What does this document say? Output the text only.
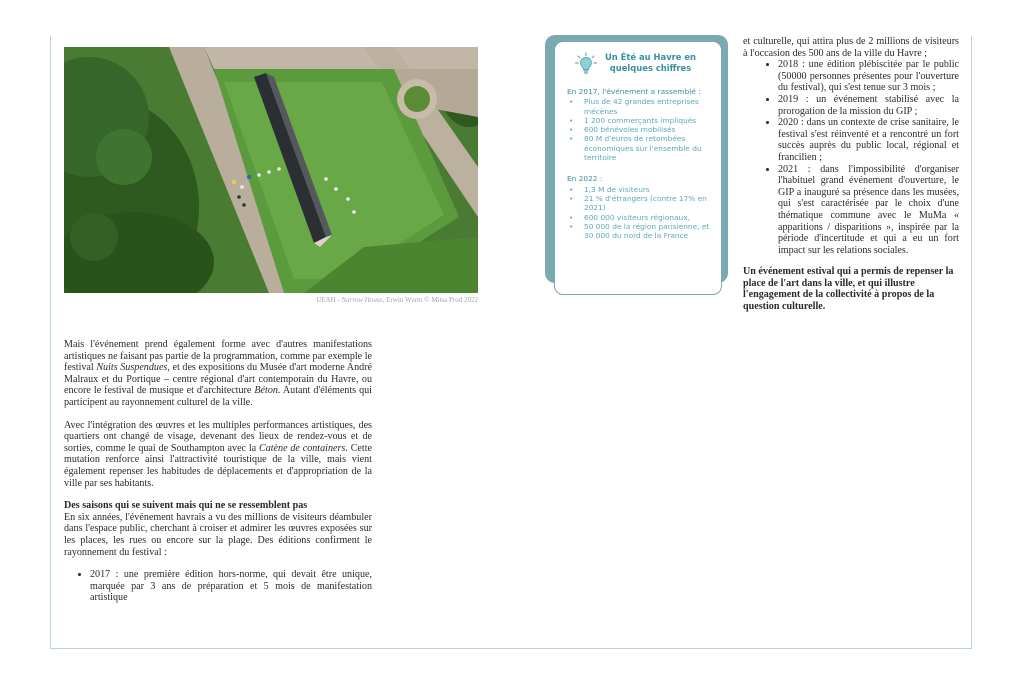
UEAH - Narrow House, Erwin Wurm © Mitsa Prod 2022

Mais l'événement prend également forme avec d'autres manifestations artistiques ne faisant pas partie de la programmation, comme par exemple le festival Nuits Suspendues, et des expositions du Musée d'art moderne André Malraux et du Portique – centre régional d'art contemporain du Havre, ou encore le festival de musique et d'architecture Béton. Autant d'éléments qui participent au rayonnement culturel de la ville.

Avec l'intégration des œuvres et les multiples performances artistiques, des quartiers ont changé de visage, devenant des lieux de rendez-vous et de sorties, comme le quai de Southampton avec la Catène de containers. Cette mutation renforce ainsi l'attractivité touristique de la ville, mais vient également repenser les habitudes de déplacements et d'appropriation de la ville par ses habitants.

Des saisons qui se suivent mais qui ne se ressemblent pas

En six années, l'événement havrais a vu des millions de visiteurs déambuler dans l'espace public, cherchant à croiser et admirer les œuvres exposées sur les places, les rues ou encore sur la plage. Des éditions confirment le rayonnement du festival :

• 2017 : une première édition hors-norme, qui devait être unique, marquée par 3 ans de préparation et 5 mois de manifestation artistique
Un Été au Havre en
quelques chiffres
En 2017, l'événement a rassemblé :
• Plus de 42 grandes entreprises mécènes
• 1 200 commerçants impliqués
• 600 bénévoles mobilisés
• 80 M d'euros de retombées économiques sur l'ensemble du territoire
En 2022 :
• 1,3 M de visiteurs
• 21 % d'étrangers (contre 17% en 2021)
• 600 000 visiteurs régionaux,
• 50 000 de la région parisienne, et 30 000 du nord de la France

et culturelle, qui attira plus de 2 millions de visiteurs à l'occasion des 500 ans de la ville du Havre ;

• 2018 : une édition plébiscitée par le public (50000 personnes présentes pour l'ouverture du festival), qui s'est tenue sur 3 mois ;
• 2019 : un événement stabilisé avec la prorogation de la mission du GIP ;
• 2020 : dans un contexte de crise sanitaire, le festival s'est réinventé et a rencontré un fort succès auprès du public local, régional et francilien ;
• 2021 : dans l'impossibilité d'organiser l'habituel grand événement d'ouverture, le GIP a inauguré sa présence dans les musées, qui s'est caractérisée par le choix d'une thématique commune avec le MuMa « apparitions / disparitions », inspirée par la période d'incertitude et qui a eu un fort impact sur les relations sociales.

Un événement estival qui a permis de repenser la place de l'art dans la ville, et qui illustre l'engagement de la collectivité à propos de la question culturelle.
